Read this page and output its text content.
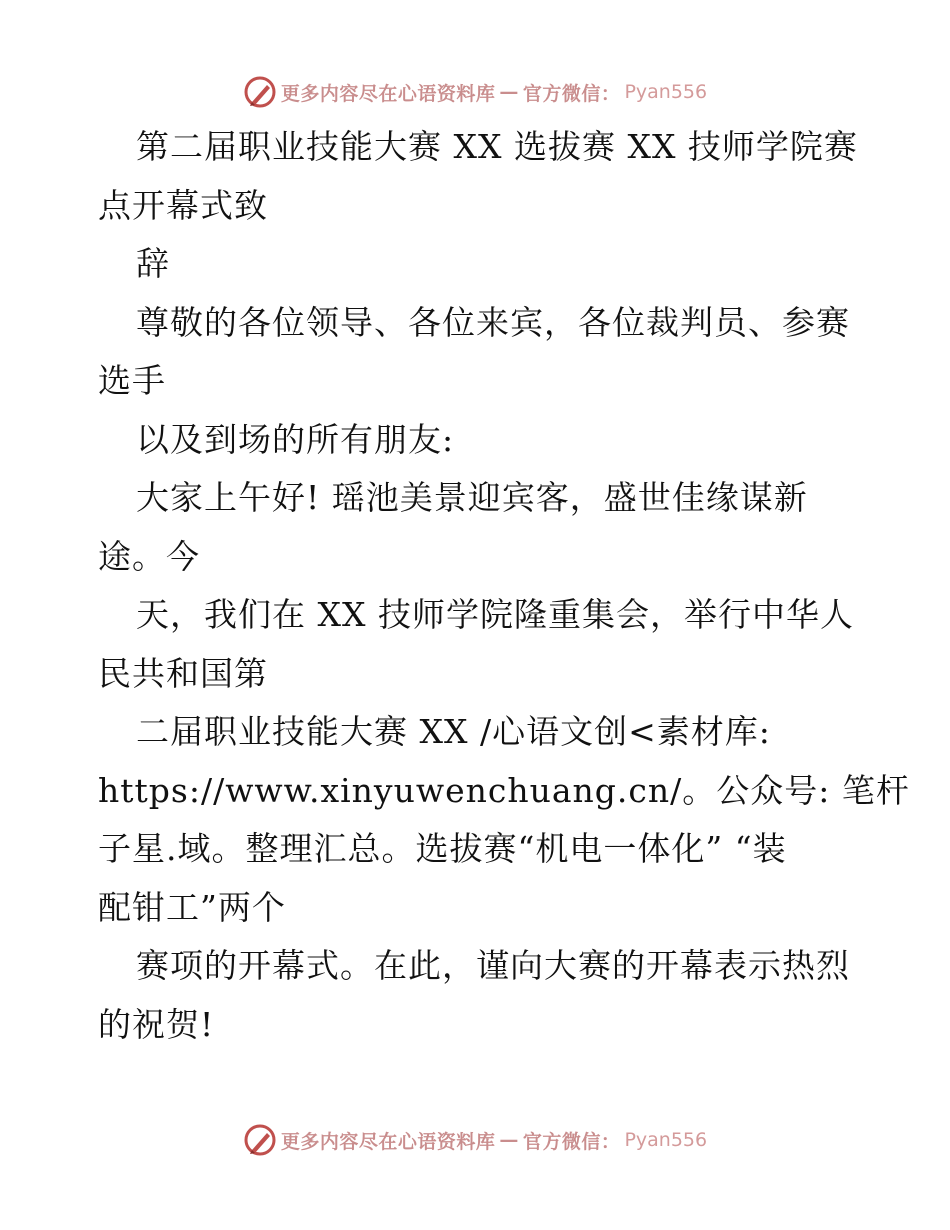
更多内容尽在心语资料库 — 官方微信： Pyan556
第二届职业技能大赛 XX 选拔赛 XX 技师学院赛
点开幕式致
辞
尊敬的各位领导、各位来宾，各位裁判员、参赛
选手
以及到场的所有朋友:
大家上午好! 瑶池美景迎宾客，盛世佳缘谋新
途。今
天，我们在 XX 技师学院隆重集会，举行中华人
民共和国第
二届职业技能大赛 XX /心语文创<素材库:
https://www.xinyuwenchuang.cn/。公众号: 笔杆
子星.域。整理汇总。选拔赛“机电一体化” “装
配钳工”两个
赛项的开幕式。在此，谨向大赛的开幕表示热烈
的祝贺!
更多内容尽在心语资料库 — 官方微信： Pyan556
